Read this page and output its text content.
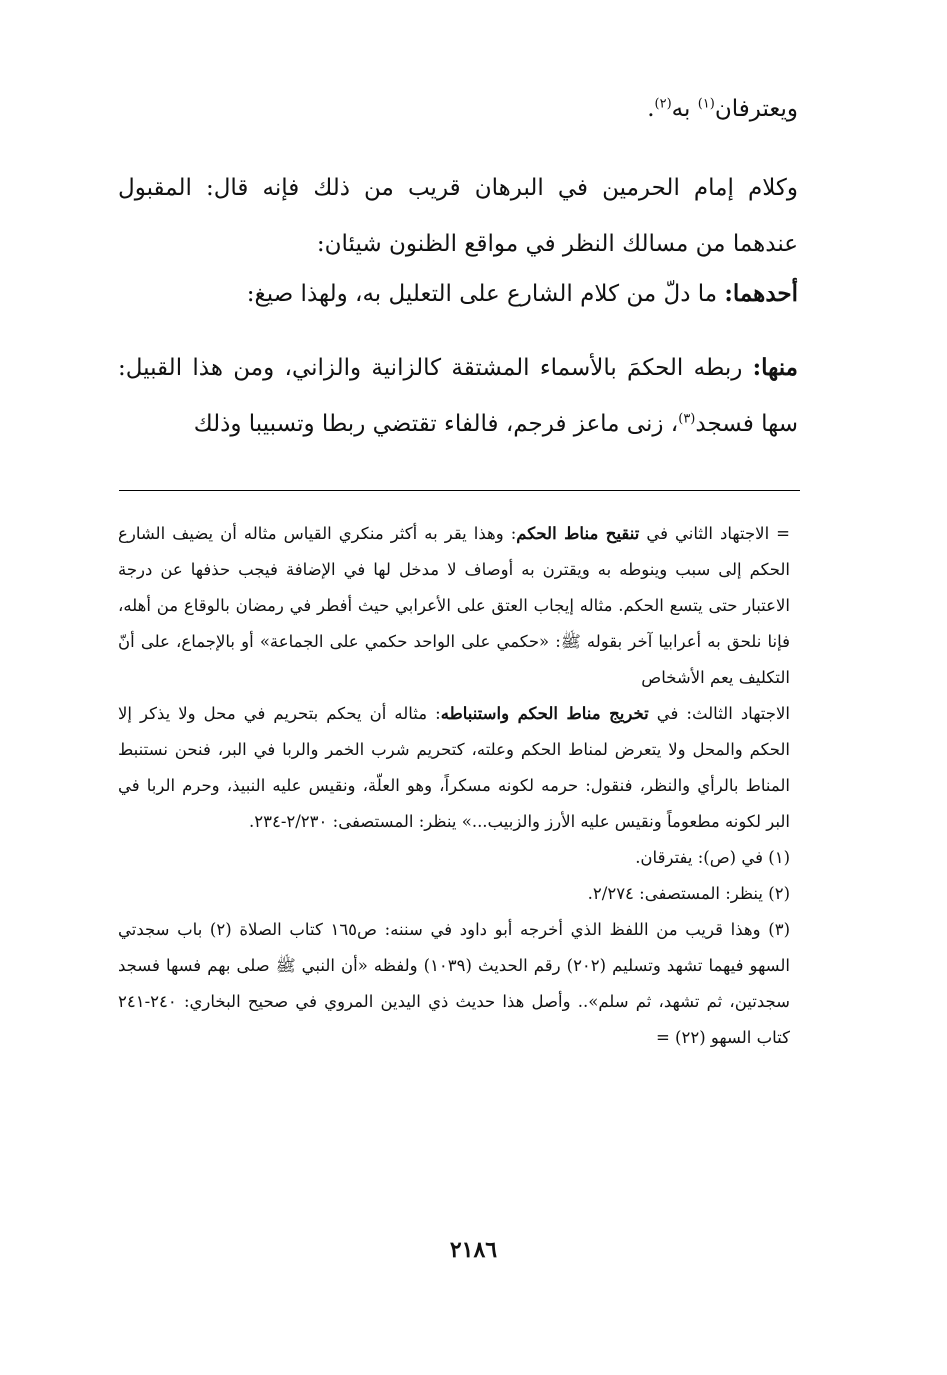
ويعترفان$^{(١)}$ به$^{(٢)}$.
وكلام إمام الحرمين في البرهان قريب من ذلك فإنه قال: المقبول عندهما من مسالك النظر في مواقع الظنون شيئان:
أحدهما: ما دلّ من كلام الشارع على التعليل به، ولهذا صيغ:
منها: ربطه الحكمَ بالأسماء المشتقة كالزانية والزاني، ومن هذا القبيل: سها فسجد$^{(٣)}$، زنى ماعز فرجم، فالفاء تقتضي ربطا وتسبيبا وذلك

= الاجتهاد الثاني في تنقيح مناط الحكم: وهذا يقر به أكثر منكري القياس مثاله أن يضيف الشارع الحكم إلى سبب وينوطه به ويقترن به أوصاف لا مدخل لها في الإضافة فيجب حذفها عن درجة الاعتبار حتى يتسع الحكم. مثاله إيجاب العتق على الأعرابي حيث أفطر في رمضان بالوقاع من أهله، فإنا نلحق به أعرابيا آخر بقوله ﷺ: «حكمي على الواحد حكمي على الجماعة» أو بالإجماع، على أنّ التكليف يعم الأشخاص

الاجتهاد الثالث: في تخريج مناط الحكم واستنباطه: مثاله أن يحكم بتحريم في محل ولا يذكر إلا الحكم والمحل ولا يتعرض لمناط الحكم وعلته، كتحريم شرب الخمر والربا في البر، فنحن نستنبط المناط بالرأي والنظر، فنقول: حرمه لكونه مسكراً، وهو العلّة، ونقيس عليه النبيذ، وحرم الربا في البر لكونه مطعوماً ونقيس عليه الأرز والزبيب...» ينظر: المستصفى: ٢/٢٣٠-٢٣٤.

(١) في (ص): يفترقان.

(٢) ينظر: المستصفى: ٢/٢٧٤.

(٣) وهذا قريب من اللفظ الذي أخرجه أبو داود في سننه: ص١٦٥ كتاب الصلاة (٢) باب سجدتي السهو فيهما تشهد وتسليم (٢٠٢) رقم الحديث (١٠٣٩) ولفظه «أن النبي ﷺ صلى بهم فسها فسجد سجدتين، ثم تشهد، ثم سلم».. وأصل هذا حديث ذي اليدين المروي في صحيح البخاري: ٢٤٠-٢٤١ كتاب السهو (٢٢) =

٢١٨٦
